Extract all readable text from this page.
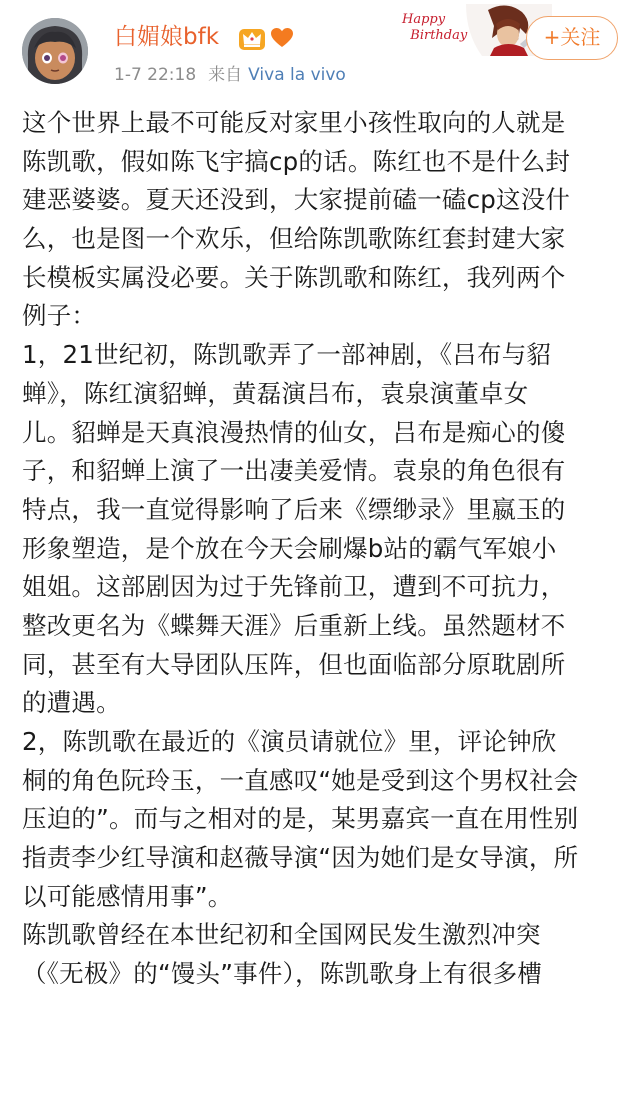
白媚娘bfk
1-7 22:18 来自 Viva la vivo
Happy
Birthday	+关注
这个世界上最不可能反对家里小孩性取向的人就是
陈凯歌，假如陈飞宇搞cp的话。陈红也不是什么封
建恶婆婆。夏天还没到，大家提前磕一磕cp这没什
么，也是图一个欢乐，但给陈凯歌陈红套封建大家
长模板实属没必要。关于陈凯歌和陈红，我列两个
例子：
1，21世纪初，陈凯歌弄了一部神剧，《吕布与貂
蝉》，陈红演貂蝉，黄磊演吕布，袁泉演董卓女
儿。貂蝉是天真浪漫热情的仙女，吕布是痴心的傻
子，和貂蝉上演了一出凄美爱情。袁泉的角色很有
特点，我一直觉得影响了后来《缥缈录》里嬴玉的
形象塑造，是个放在今天会刷爆b站的霸气军娘小
姐姐。这部剧因为过于先锋前卫，遭到不可抗力，
整改更名为《蝶舞天涯》后重新上线。虽然题材不
同，甚至有大导团队压阵，但也面临部分原耽剧所
的遭遇。
2，陈凯歌在最近的《演员请就位》里，评论钟欣
桐的角色阮玲玉，一直感叹“她是受到这个男权社会
压迫的”。而与之相对的是，某男嘉宾一直在用性别
指责李少红导演和赵薇导演“因为她们是女导演，所
以可能感情用事”。
陈凯歌曾经在本世纪初和全国网民发生激烈冲突
（《无极》的“馒头”事件），陈凯歌身上有很多槽
